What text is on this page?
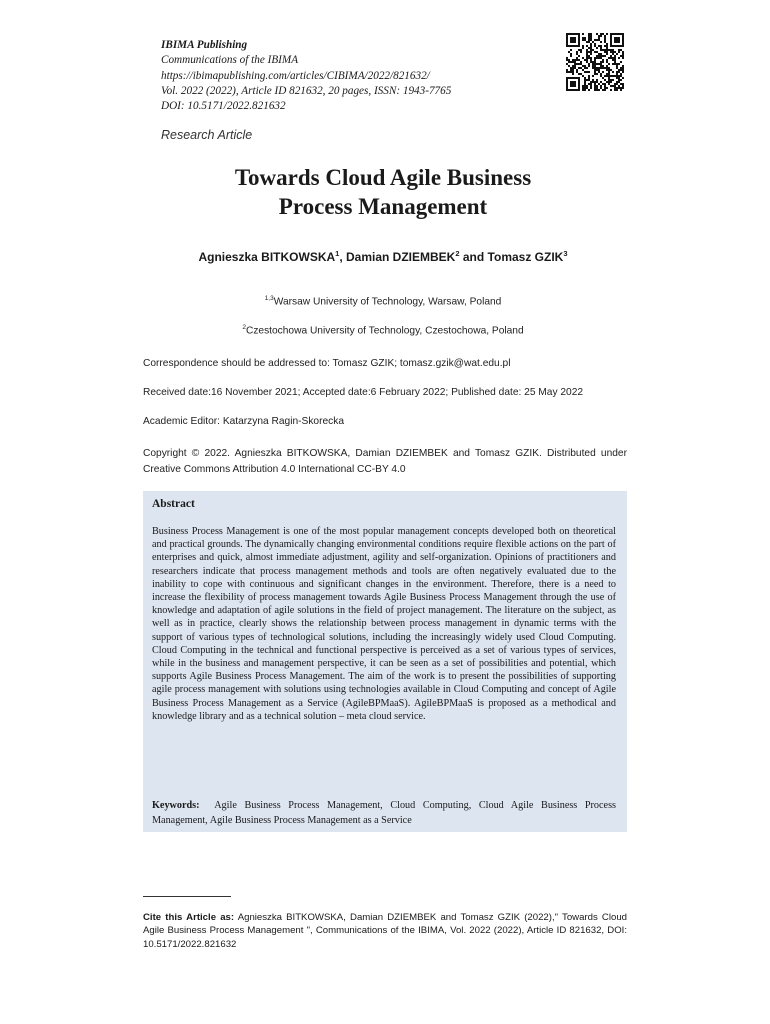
IBIMA Publishing
Communications of the IBIMA
https://ibimapublishing.com/articles/CIBIMA/2022/821632/
Vol. 2022 (2022), Article ID 821632, 20 pages, ISSN: 1943-7765
DOI: 10.5171/2022.821632
Research Article
Towards Cloud Agile Business
Process Management
Agnieszka BITKOWSKA$^1$, Damian DZIEMBEK$^2$ and Tomasz GZIK$^3$
$^{1,3}$Warsaw University of Technology, Warsaw, Poland
$^2$Czestochowa University of Technology, Czestochowa, Poland
Correspondence should be addressed to: Tomasz GZIK; tomasz.gzik@wat.edu.pl
Received date:16 November 2021; Accepted date:6 February 2022; Published date: 25 May 2022
Academic Editor: Katarzyna Ragin-Skorecka
Copyright © 2022. Agnieszka BITKOWSKA, Damian DZIEMBEK and Tomasz GZIK. Distributed under Creative Commons Attribution 4.0 International CC-BY 4.0
Abstract
Business Process Management is one of the most popular management concepts developed both on theoretical and practical grounds. The dynamically changing environmental conditions require flexible actions on the part of enterprises and quick, almost immediate adjustment, agility and self-organization. Opinions of practitioners and researchers indicate that process management methods and tools are often negatively evaluated due to the inability to cope with continuous and significant changes in the environment. Therefore, there is a need to increase the flexibility of process management towards Agile Business Process Management through the use of knowledge and adaptation of agile solutions in the field of project management. The literature on the subject, as well as in practice, clearly shows the relationship between process management in dynamic terms with the support of various types of technological solutions, including the increasingly widely used Cloud Computing. Cloud Computing in the technical and functional perspective is perceived as a set of various types of services, while in the business and management perspective, it can be seen as a set of possibilities and potential, which supports Agile Business Process Management. The aim of the work is to present the possibilities of supporting agile process management with solutions using technologies available in Cloud Computing and concept of Agile Business Process Management as a Service (AgileBPMaaS). AgileBPMaaS is proposed as a methodical and knowledge library and as a technical solution – meta cloud service.
Keywords: Agile Business Process Management, Cloud Computing, Cloud Agile Business Process Management, Agile Business Process Management as a Service
Cite this Article as: Agnieszka BITKOWSKA, Damian DZIEMBEK and Tomasz GZIK (2022)," Towards Cloud Agile Business Process Management ", Communications of the IBIMA, Vol. 2022 (2022), Article ID 821632, DOI: 10.5171/2022.821632
